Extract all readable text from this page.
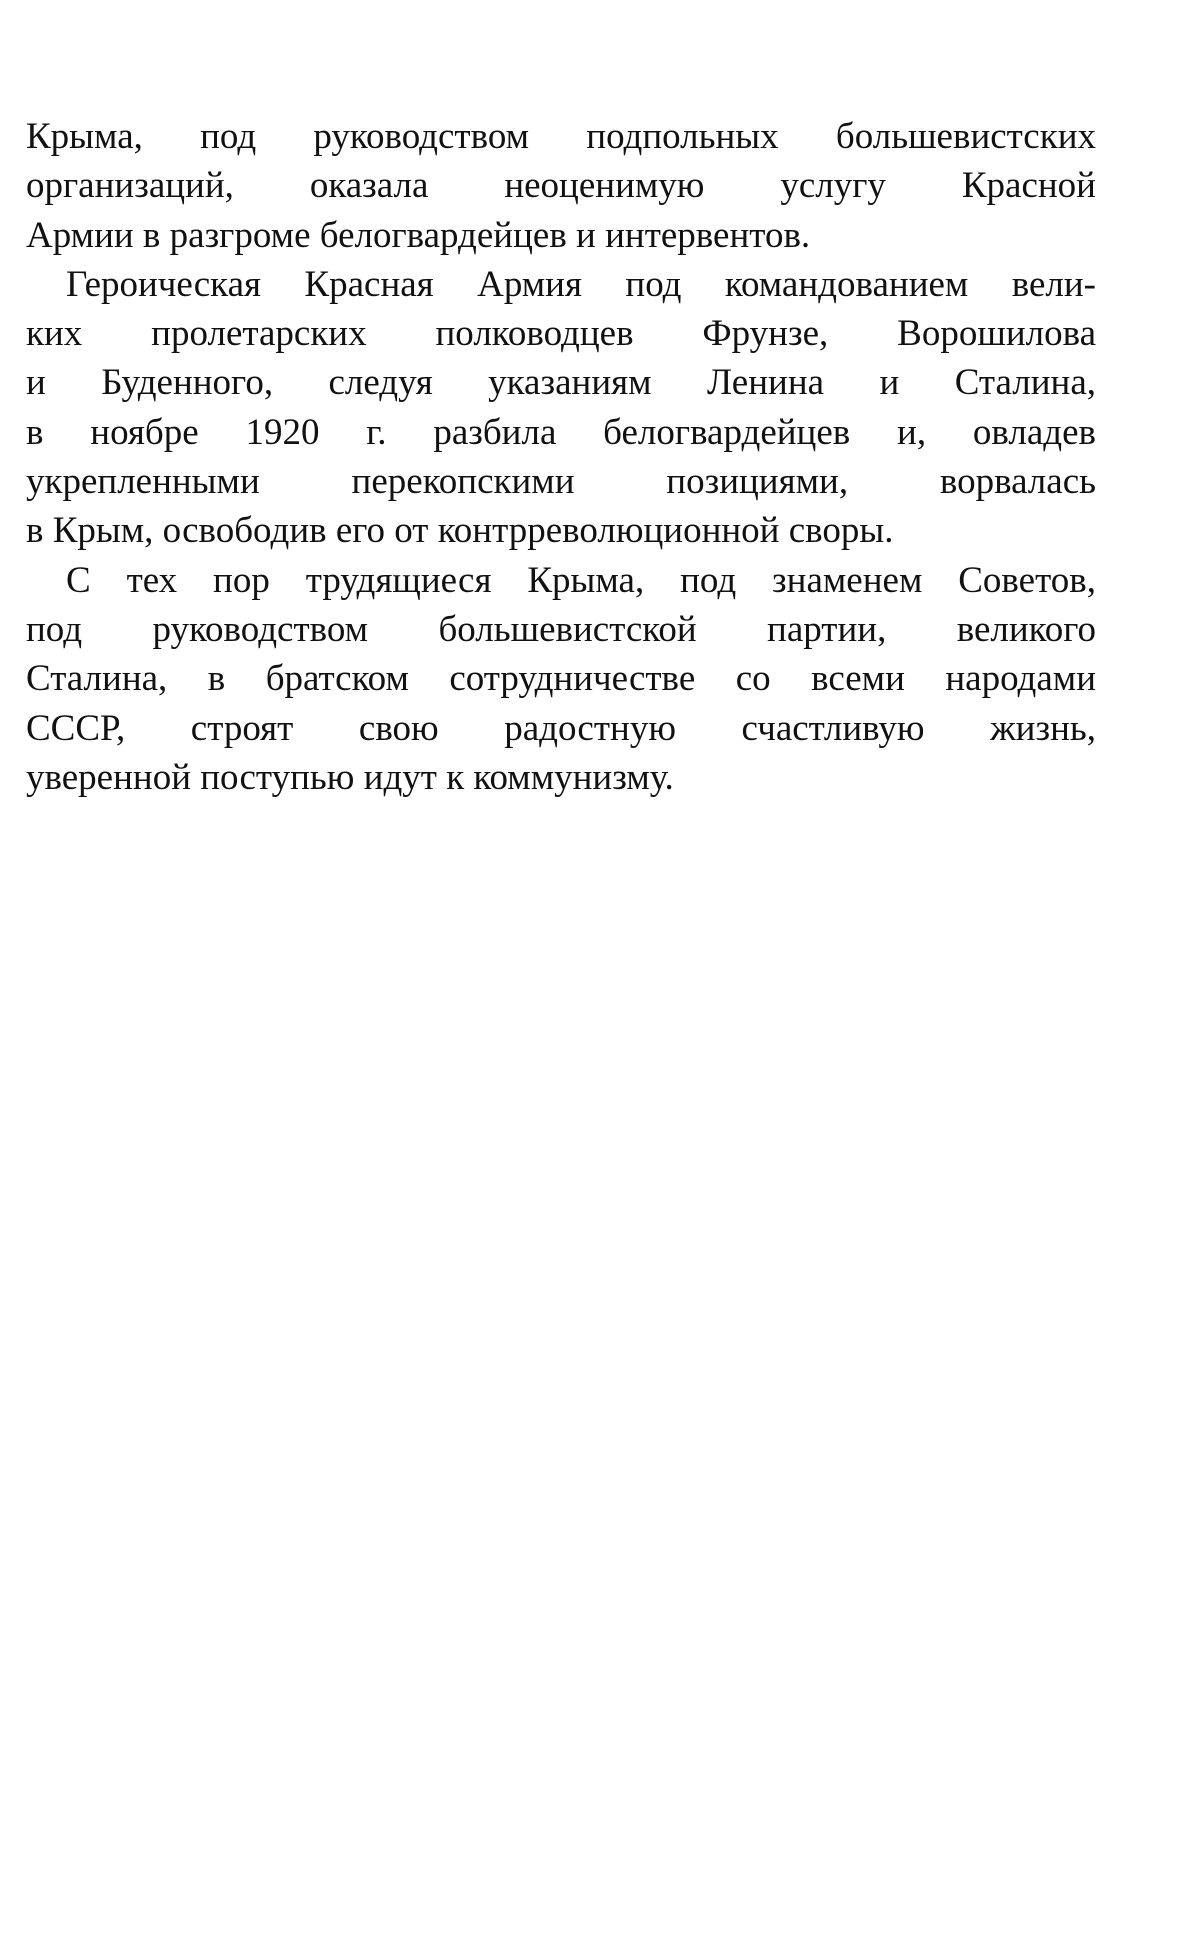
Крыма, под руководством подпольных большевистских
организаций, оказала неоценимую услугу Красной
Армии в разгроме белогвардейцев и интервентов.
Героическая Красная Армия под командованием вели-
ких пролетарских полководцев Фрунзе, Ворошилова
и Буденного, следуя указаниям Ленина и Сталина,
в ноябре 1920 г. разбила белогвардейцев и, овладев
укрепленными перекопскими позициями, ворвалась
в Крым, освободив его от контрреволюционной своры.
С тех пор трудящиеся Крыма, под знаменем Советов,
под руководством большевистской партии, великого
Сталина, в братском сотрудничестве со всеми народами
СССР, строят свою радостную счастливую жизнь,
уверенной поступью идут к коммунизму.
